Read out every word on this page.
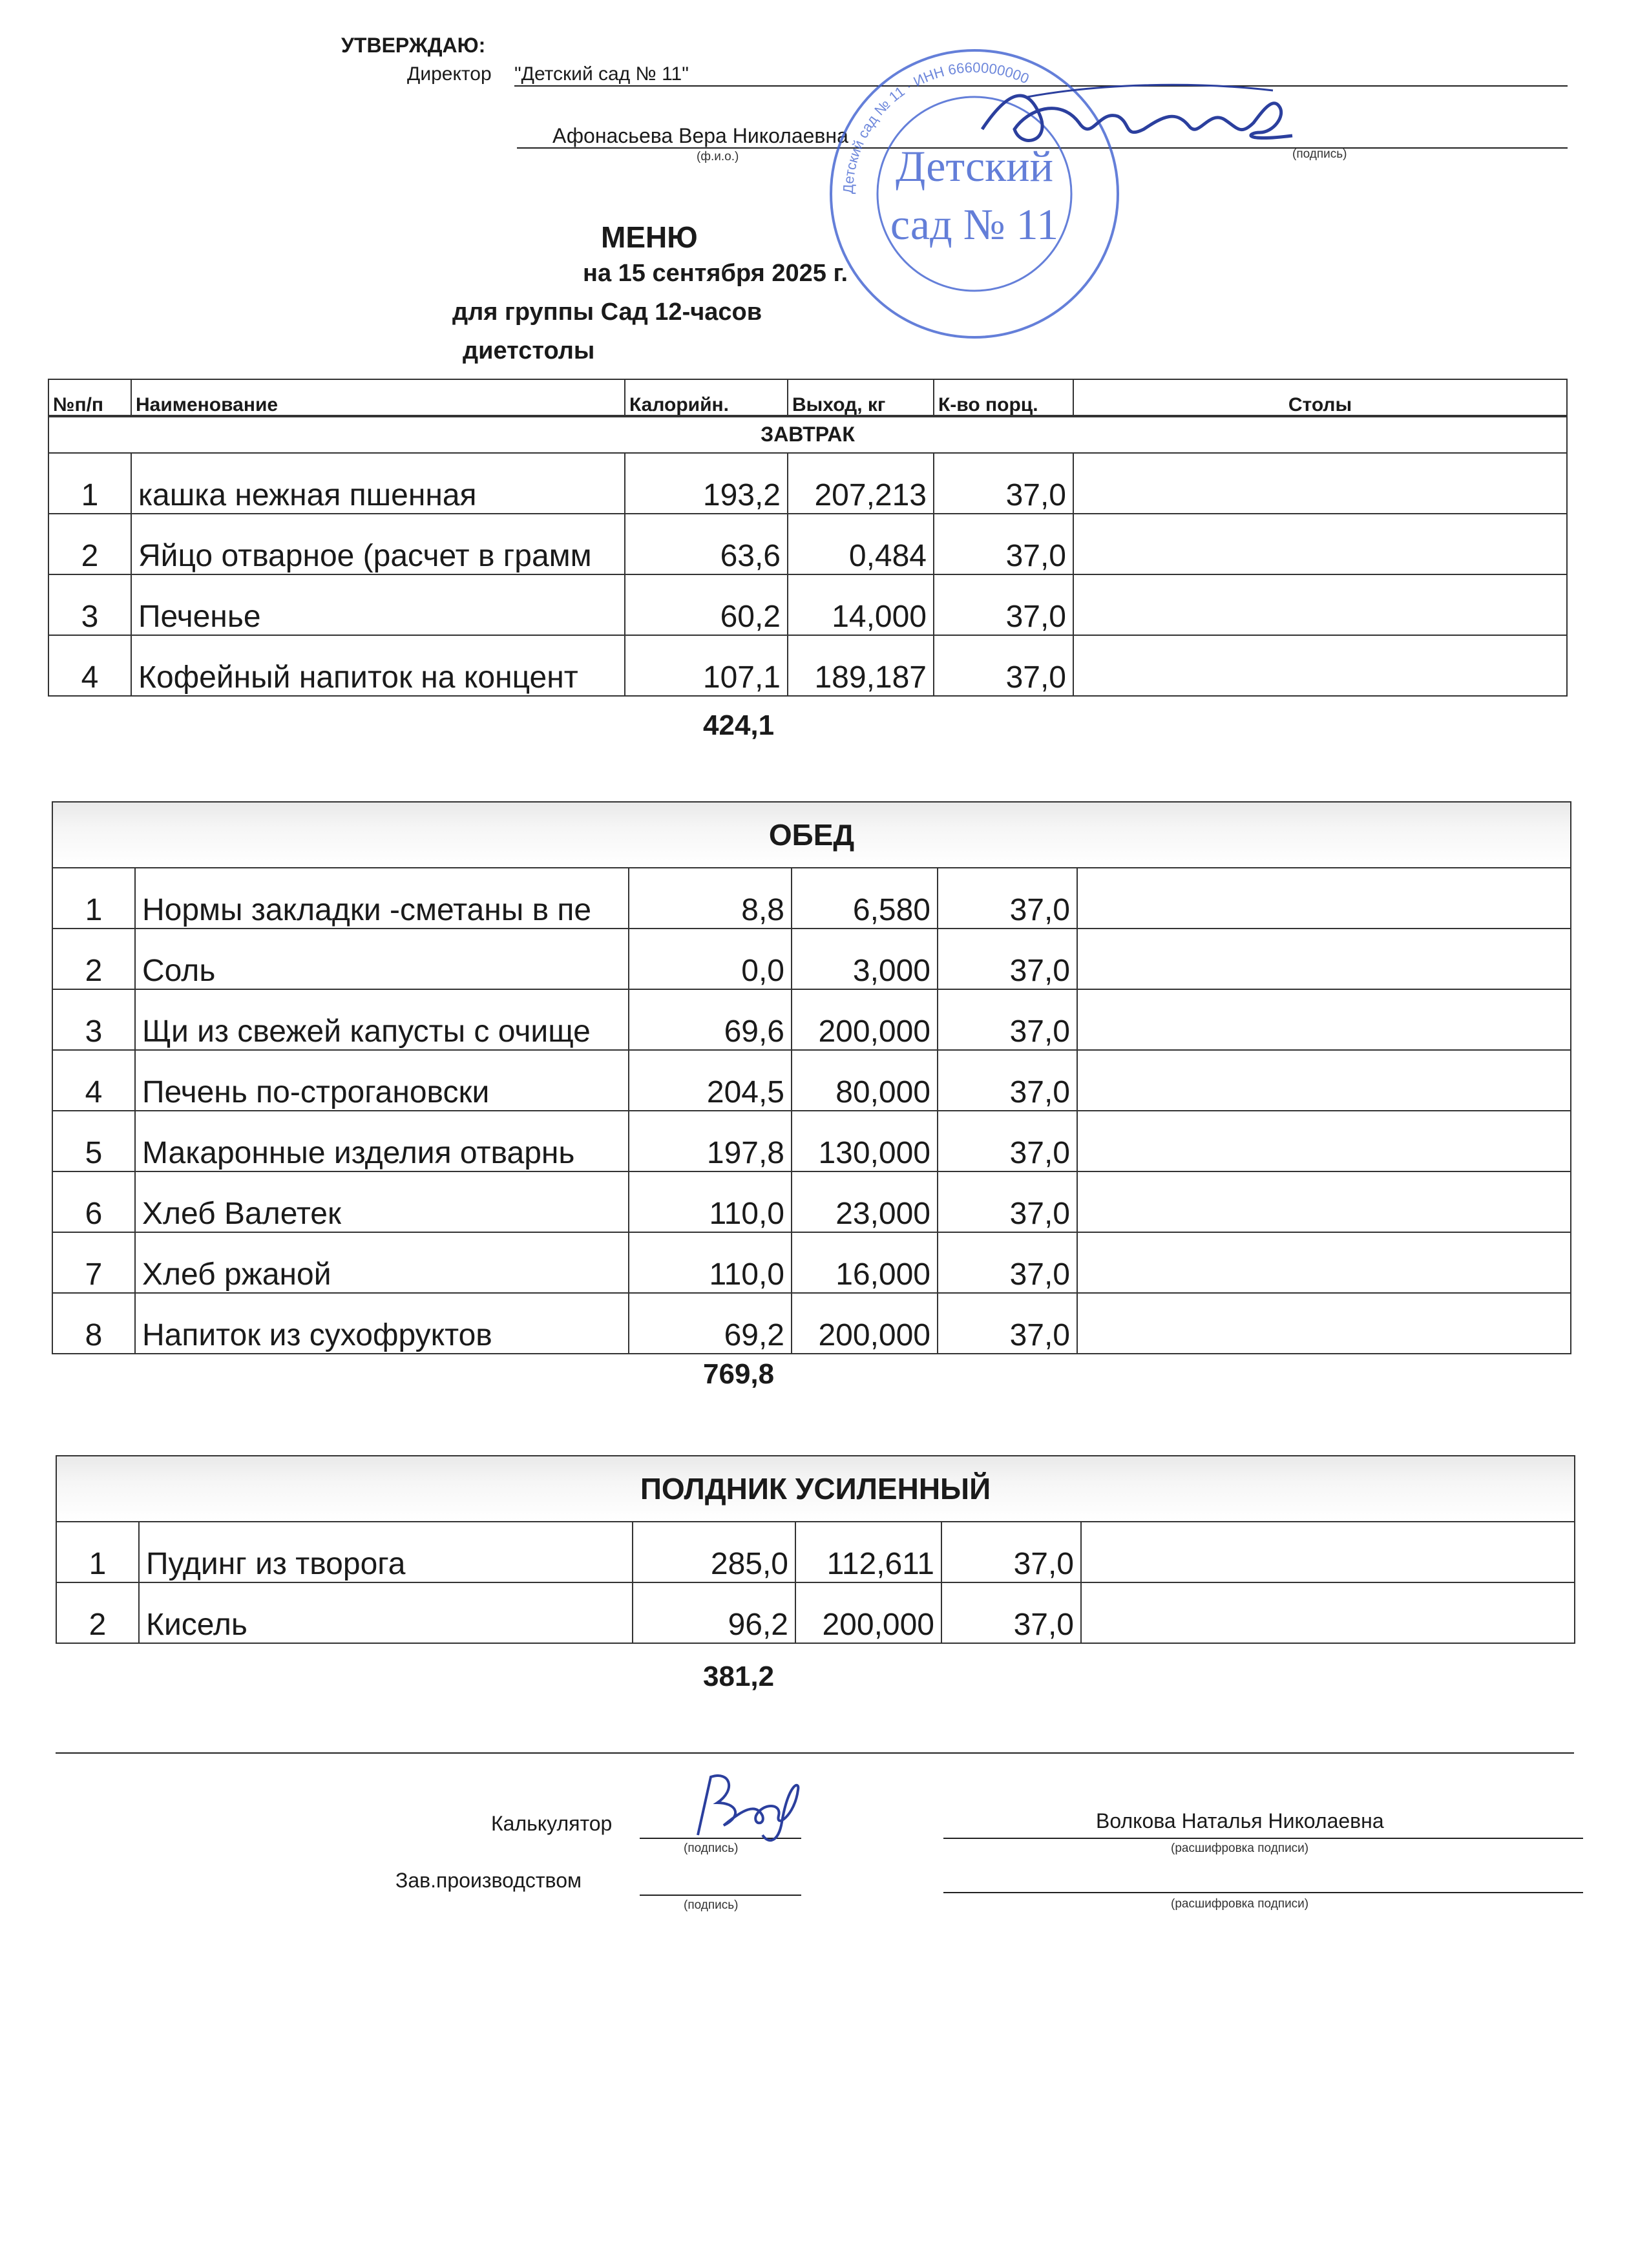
УТВЕРЖДАЮ:
Директор "Детский сад № 11"
Афонасьева Вера Николаевна
(ф.и.о.)	(подпись)
Детский сад № 11 · ИНН 6660000000
Детский
сад № 11
МЕНЮ
на 15 сентября 2025 г.
для группы Сад 12-часов
диетстолы
№п/п	Наименование	Калорийн.	Выход, кг	К-во порц.	Столы
ЗАВТРАК					
1	кашка нежная пшенная	193,2	207,213	37,0	
2	Яйцо отварное (расчет в грамм	63,6	0,484	37,0	
3	Печенье	60,2	14,000	37,0	
4	Кофейный напиток на концент	107,1	189,187	37,0	
424,1
ОБЕД					
1	Нормы закладки -сметаны в пе	8,8	6,580	37,0	
2	Соль	0,0	3,000	37,0	
3	Щи из свежей капусты с очище	69,6	200,000	37,0	
4	Печень по-строгановски	204,5	80,000	37,0	
5	Макаронные изделия отварнь	197,8	130,000	37,0	
6	Хлеб Валетек	110,0	23,000	37,0	
7	Хлеб ржаной	110,0	16,000	37,0	
8	Напиток из сухофруктов	69,2	200,000	37,0	
769,8
ПОЛДНИК УСИЛЕННЫЙ					
1	Пудинг из творога	285,0	112,611	37,0	
2	Кисель	96,2	200,000	37,0	
381,2
Калькулятор
(подпись)
Волкова Наталья Николаевна
(расшифровка подписи)
Зав.производством
(подпись)	(расшифровка подписи)
